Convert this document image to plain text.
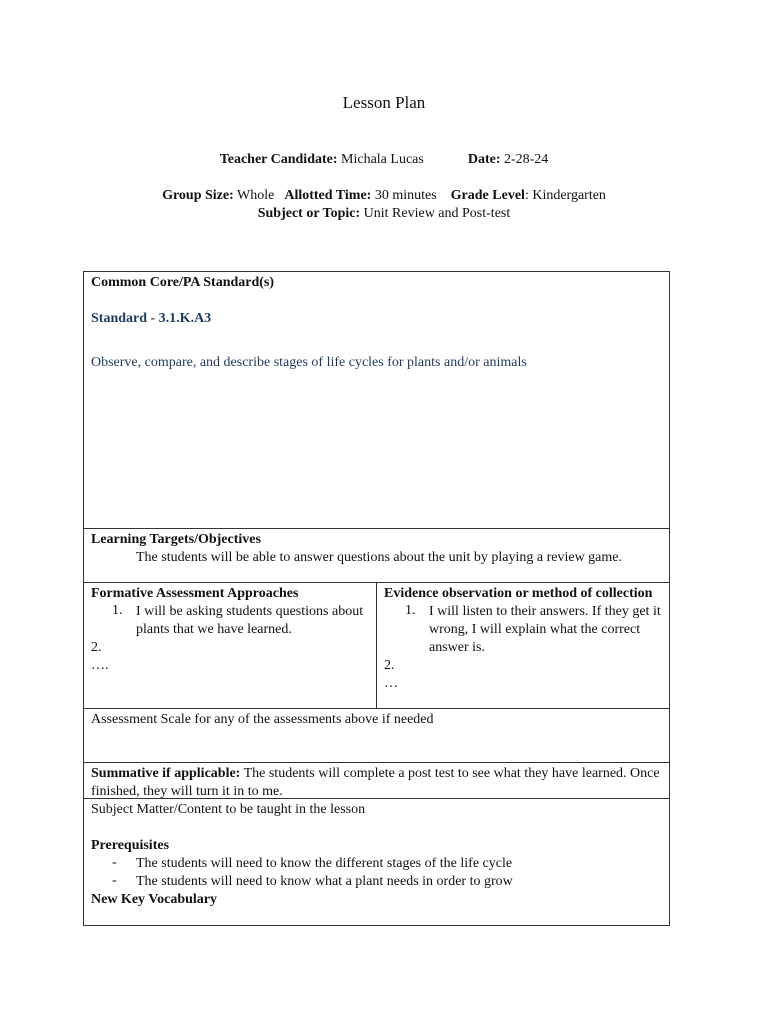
Lesson Plan
Teacher Candidate: Michala Lucas	Date: 2-28-24
Group Size: Whole Allotted Time: 30 minutes Grade Level: Kindergarten
Subject or Topic: Unit Review and Post-test

Common Core/PA Standard(s)

Standard - 3.1.K.A3

Observe, compare, and describe stages of life cycles for plants and/or animals

Learning Targets/Objectives

The students will be able to answer questions about the unit by playing a review game.

Formative Assessment Approaches

1. I will be asking students questions about plants that we have learned.

2.

….

Evidence observation or method of collection

1. I will listen to their answers. If they get it wrong, I will explain what the correct answer is.

2.

…

Assessment Scale for any of the assessments above if needed

Summative if applicable: The students will complete a post test to see what they have learned. Once finished, they will turn it in to me.

Subject Matter/Content to be taught in the lesson

Prerequisites

-	The students will need to know the different stages of the life cycle

-	The students will need to know what a plant needs in order to grow

New Key Vocabulary
